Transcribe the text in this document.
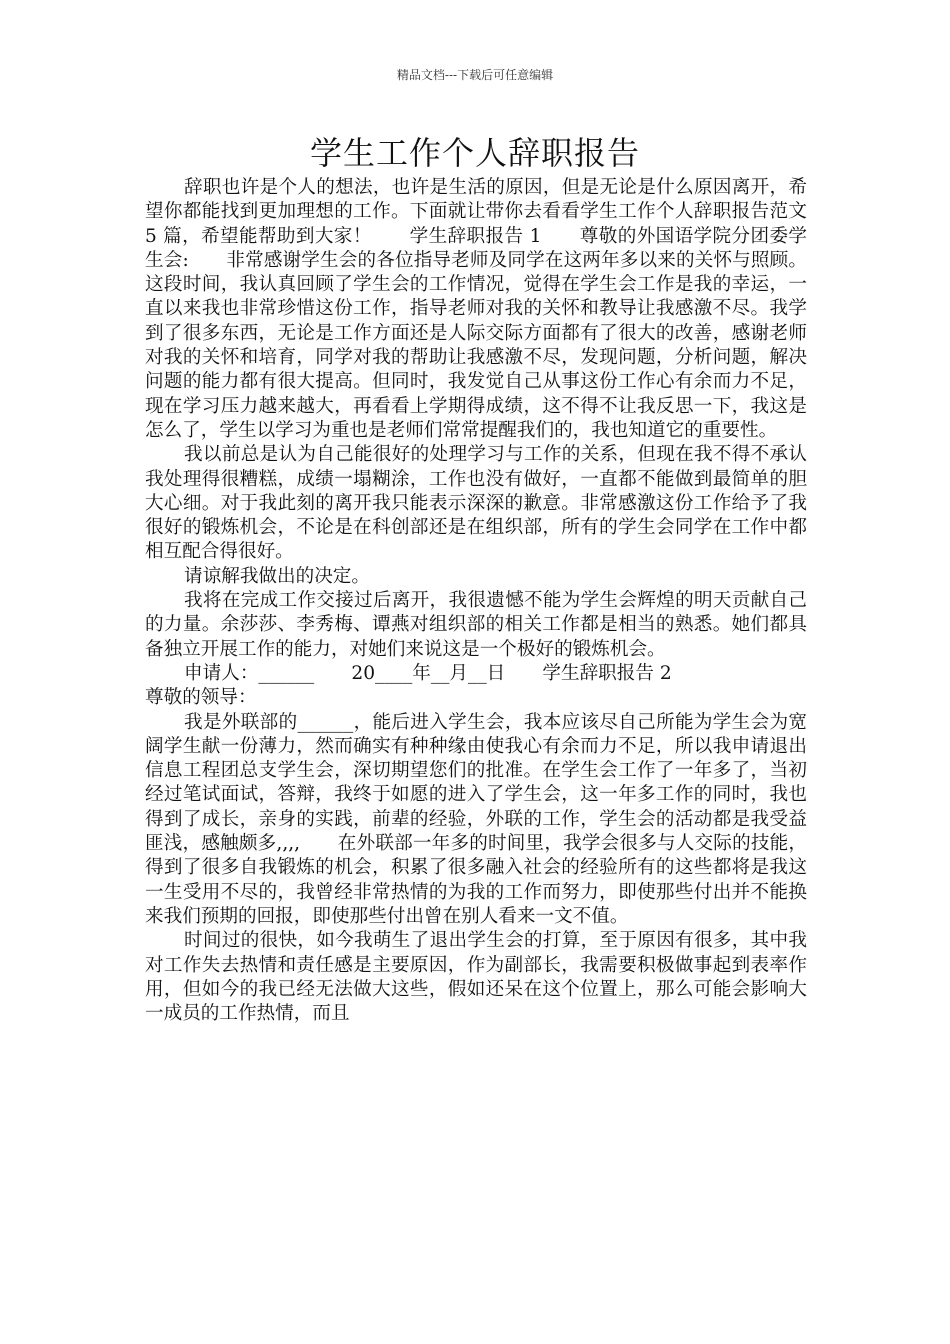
精品文档---下载后可任意编辑
学生工作个人辞职报告

辞职也许是个人的想法，也许是生活的原因，但是无论是什么原因离开，希望你都能找到更加理想的工作。下面就让带你去看看学生工作个人辞职报告范文 5 篇，希望能帮助到大家！　　学生辞职报告 1　　尊敬的外国语学院分团委学生会:　　非常感谢学生会的各位指导老师及同学在这两年多以来的关怀与照顾。这段时间，我认真回顾了学生会的工作情况，觉得在学生会工作是我的幸运，一直以来我也非常珍惜这份工作，指导老师对我的关怀和教导让我感激不尽。我学到了很多东西，无论是工作方面还是人际交际方面都有了很大的改善，感谢老师对我的关怀和培育，同学对我的帮助让我感激不尽，发现问题，分析问题，解决问题的能力都有很大提高。但同时，我发觉自己从事这份工作心有余而力不足，现在学习压力越来越大，再看看上学期得成绩，这不得不让我反思一下，我这是怎么了，学生以学习为重也是老师们常常提醒我们的，我也知道它的重要性。

我以前总是认为自己能很好的处理学习与工作的关系，但现在我不得不承认我处理得很糟糕，成绩一塌糊涂，工作也没有做好，一直都不能做到最简单的胆大心细。对于我此刻的离开我只能表示深深的歉意。非常感激这份工作给予了我很好的锻炼机会，不论是在科创部还是在组织部，所有的学生会同学在工作中都相互配合得很好。

请谅解我做出的决定。

我将在完成工作交接过后离开，我很遗憾不能为学生会辉煌的明天贡献自己的力量。余莎莎、李秀梅、谭燕对组织部的相关工作都是相当的熟悉。她们都具备独立开展工作的能力，对她们来说这是一个极好的锻炼机会。

申请人：______　　20____年__月__日　　学生辞职报告 2

尊敬的领导：

我是外联部的______，能后进入学生会，我本应该尽自己所能为学生会为宽阔学生献一份薄力，然而确实有种种缘由使我心有余而力不足，所以我申请退出信息工程团总支学生会，深切期望您们的批准。在学生会工作了一年多了，当初经过笔试面试，答辩，我终于如愿的进入了学生会，这一年多工作的同时，我也得到了成长，亲身的实践，前辈的经验，外联的工作，学生会的活动都是我受益匪浅，感触颇多,,,,　　在外联部一年多的时间里，我学会很多与人交际的技能，得到了很多自我锻炼的机会，积累了很多融入社会的经验所有的这些都将是我这一生受用不尽的，我曾经非常热情的为我的工作而努力，即使那些付出并不能换来我们预期的回报，即使那些付出曾在别人看来一文不值。

时间过的很快，如今我萌生了退出学生会的打算，至于原因有很多，其中我对工作失去热情和责任感是主要原因，作为副部长，我需要积极做事起到表率作用，但如今的我已经无法做大这些，假如还呆在这个位置上，那么可能会影响大一成员的工作热情，而且
